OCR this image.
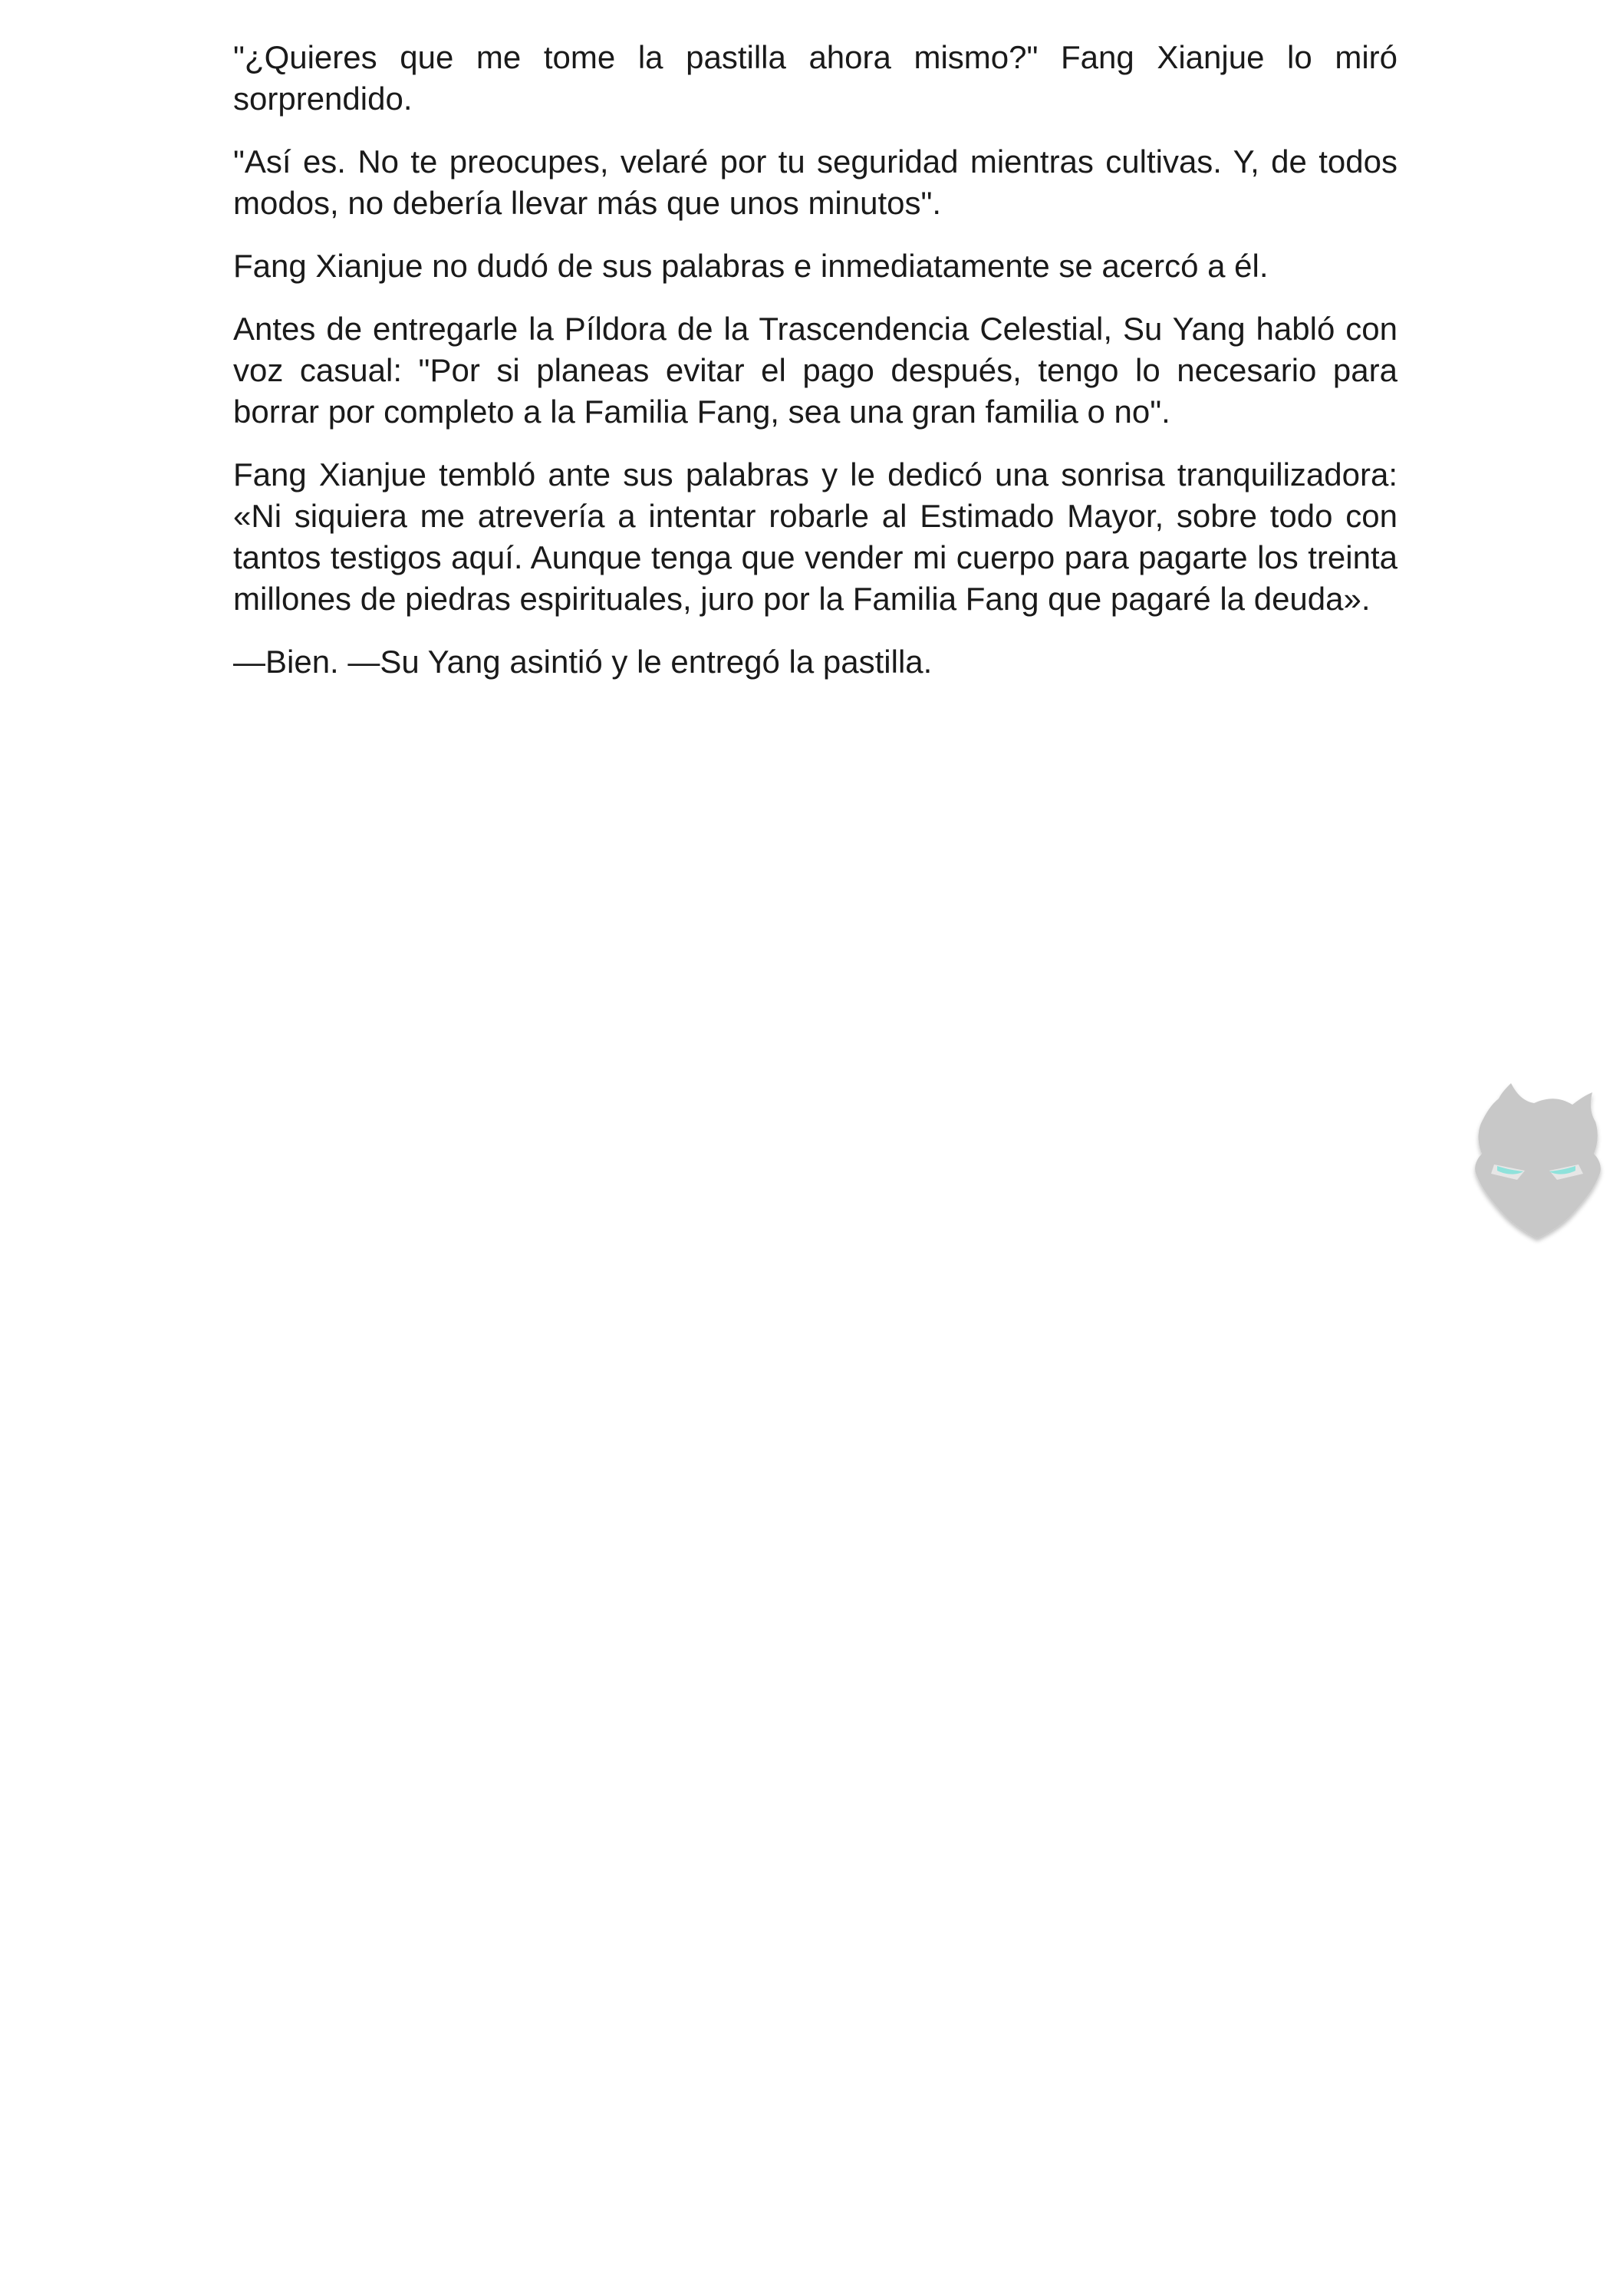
"¿Quieres que me tome la pastilla ahora mismo?" Fang Xianjue lo miró sorprendido.

"Así es. No te preocupes, velaré por tu seguridad mientras cultivas. Y, de todos modos, no debería llevar más que unos minutos".

Fang Xianjue no dudó de sus palabras e inmediatamente se acercó a él.

Antes de entregarle la Píldora de la Trascendencia Celestial, Su Yang habló con voz casual: "Por si planeas evitar el pago después, tengo lo necesario para borrar por completo a la Familia Fang, sea una gran familia o no".

Fang Xianjue tembló ante sus palabras y le dedicó una sonrisa tranquilizadora: «Ni siquiera me atrevería a intentar robarle al Estimado Mayor, sobre todo con tantos testigos aquí. Aunque tenga que vender mi cuerpo para pagarte los treinta millones de piedras espirituales, juro por la Familia Fang que pagaré la deuda».

—Bien. —Su Yang asintió y le entregó la pastilla.
